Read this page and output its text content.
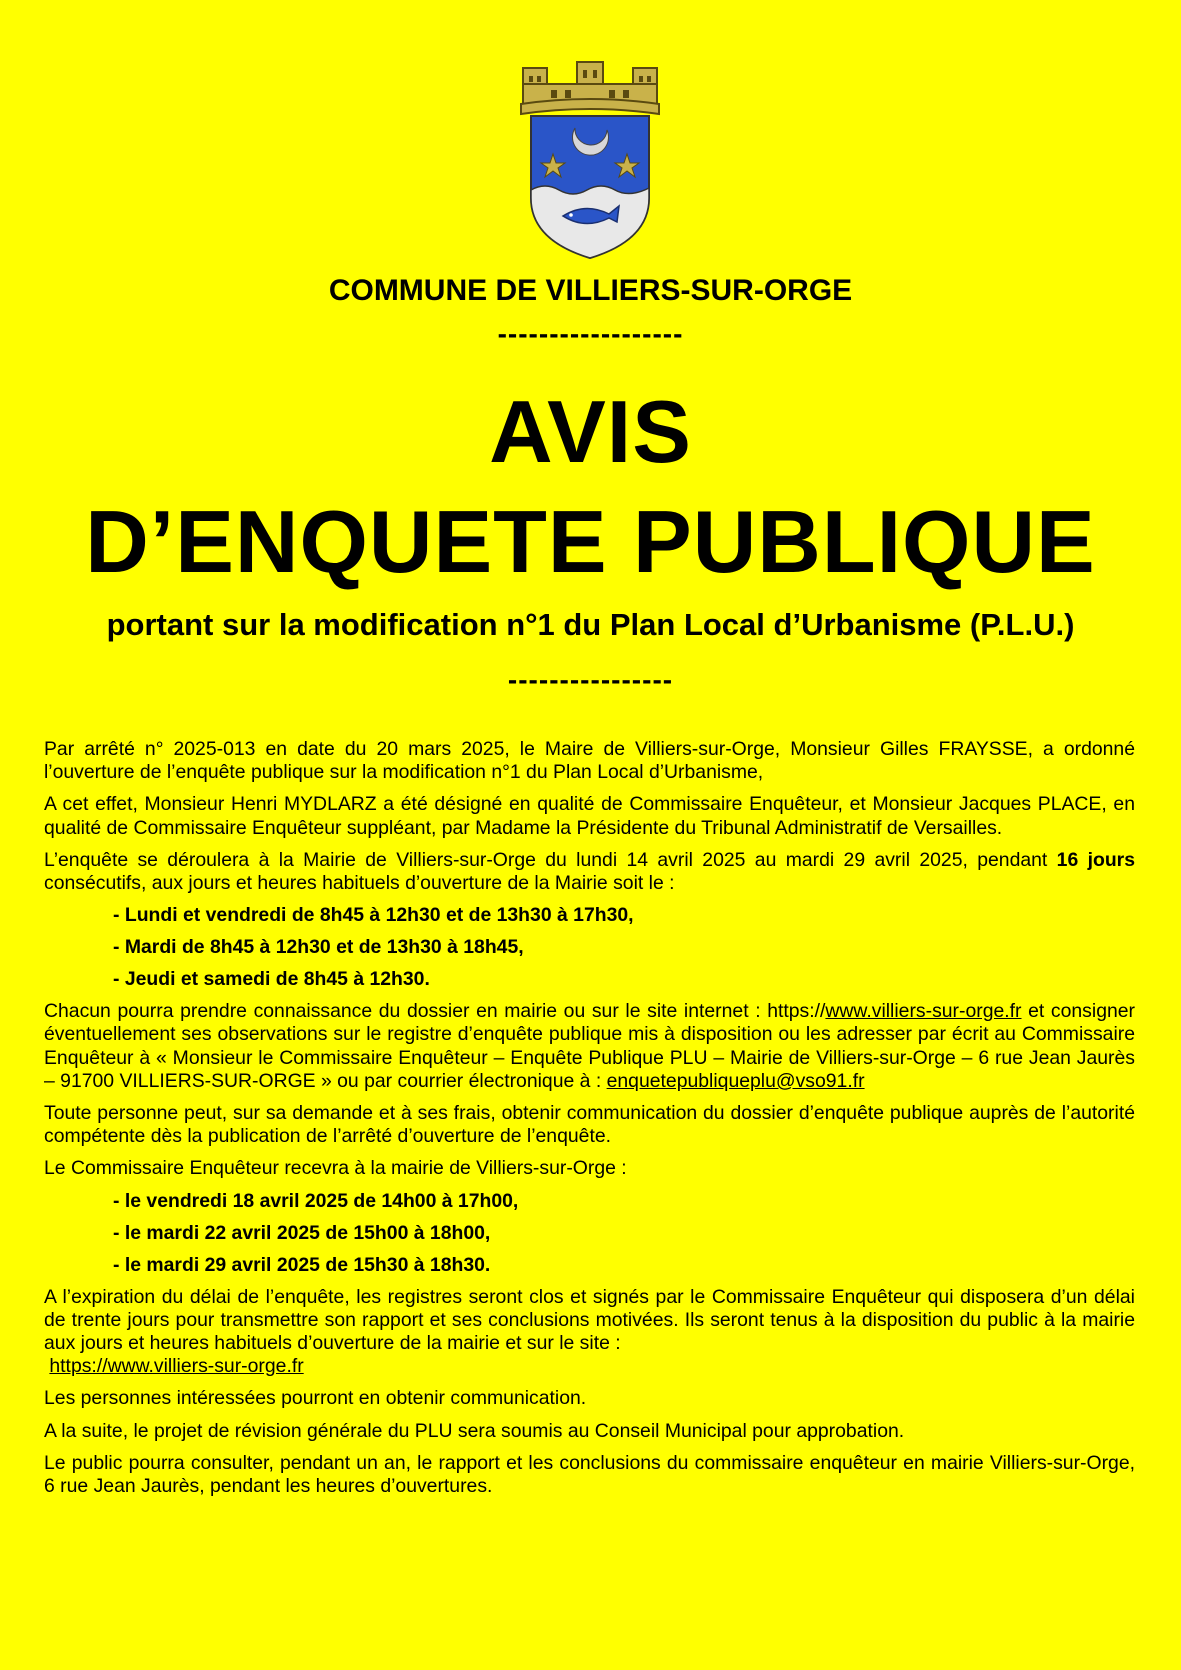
COMMUNE DE VILLIERS-SUR-ORGE
------------------
AVIS
D’ENQUETE PUBLIQUE
portant sur la modification n°1 du Plan Local d’Urbanisme (P.L.U.)
----------------

Par arrêté n° 2025-013 en date du 20 mars 2025, le Maire de Villiers-sur-Orge, Monsieur Gilles FRAYSSE, a ordonné l’ouverture de l’enquête publique sur la modification n°1 du Plan Local d’Urbanisme,

A cet effet, Monsieur Henri MYDLARZ a été désigné en qualité de Commissaire Enquêteur, et Monsieur Jacques PLACE, en qualité de Commissaire Enquêteur suppléant, par Madame la Présidente du Tribunal Administratif de Versailles.

L’enquête se déroulera à la Mairie de Villiers-sur-Orge du lundi 14 avril 2025 au mardi 29 avril 2025, pendant 16 jours consécutifs, aux jours et heures habituels d’ouverture de la Mairie soit le :

- Lundi et vendredi de 8h45 à 12h30 et de 13h30 à 17h30,
- Mardi de 8h45 à 12h30 et de 13h30 à 18h45,
- Jeudi et samedi de 8h45 à 12h30.

Chacun pourra prendre connaissance du dossier en mairie ou sur le site internet : https://www.villiers-sur-orge.fr et consigner éventuellement ses observations sur le registre d’enquête publique mis à disposition ou les adresser par écrit au Commissaire Enquêteur à « Monsieur le Commissaire Enquêteur – Enquête Publique PLU – Mairie de Villiers-sur-Orge – 6 rue Jean Jaurès – 91700 VILLIERS-SUR-ORGE » ou par courrier électronique à : enquetepubliqueplu@vso91.fr

Toute personne peut, sur sa demande et à ses frais, obtenir communication du dossier d’enquête publique auprès de l’autorité compétente dès la publication de l’arrêté d’ouverture de l’enquête.

Le Commissaire Enquêteur recevra à la mairie de Villiers-sur-Orge :

- le vendredi 18 avril 2025 de 14h00 à 17h00,
- le mardi 22 avril 2025 de 15h00 à 18h00,
- le mardi 29 avril 2025 de 15h30 à 18h30.

A l’expiration du délai de l’enquête, les registres seront clos et signés par le Commissaire Enquêteur qui disposera d’un délai de trente jours pour transmettre son rapport et ses conclusions motivées. Ils seront tenus à la disposition du public à la mairie aux jours et heures habituels d’ouverture de la mairie et sur le site :
https://www.villiers-sur-orge.fr

Les personnes intéressées pourront en obtenir communication.

A la suite, le projet de révision générale du PLU sera soumis au Conseil Municipal pour approbation.

Le public pourra consulter, pendant un an, le rapport et les conclusions du commissaire enquêteur en mairie Villiers-sur-Orge, 6 rue Jean Jaurès, pendant les heures d’ouvertures.
